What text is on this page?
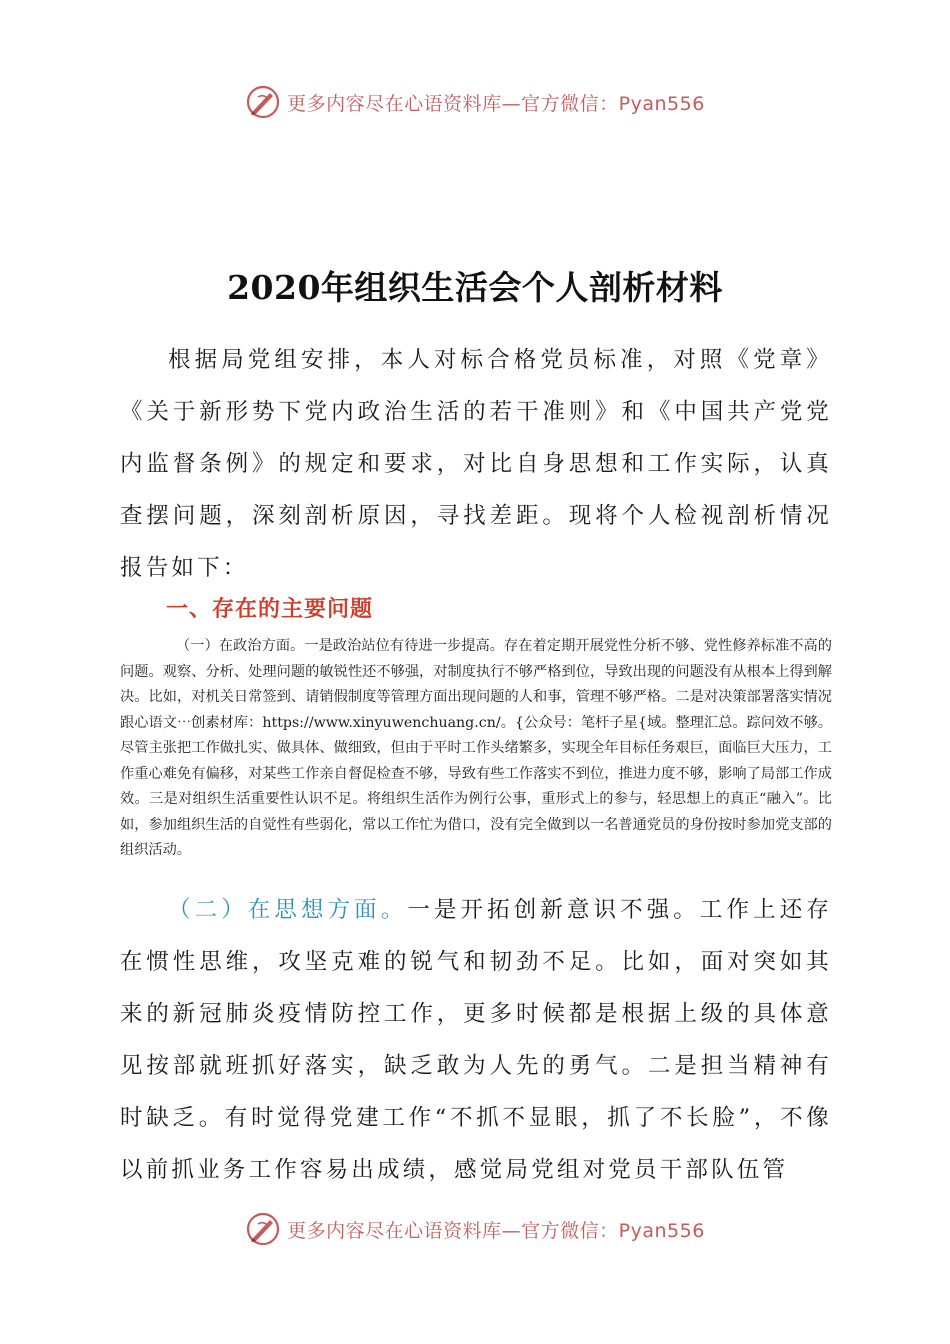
更多内容尽在心语资料库—官方微信：Pyan556
2020年组织生活会个人剖析材料

根据局党组安排，本人对标合格党员标准，对照《党章》《关于新形势下党内政治生活的若干准则》和《中国共产党党内监督条例》的规定和要求，对比自身思想和工作实际，认真查摆问题，深刻剖析原因，寻找差距。现将个人检视剖析情况报告如下：

一、存在的主要问题

（一）在政治方面。一是政治站位有待进一步提高。存在着定期开展党性分析不够、党性修养标准不高的问题。观察、分析、处理问题的敏锐性还不够强，对制度执行不够严格到位，导致出现的问题没有从根本上得到解决。比如，对机关日常签到、请销假制度等管理方面出现问题的人和事，管理不够严格。二是对决策部署落实情况跟心语文⋯创素材库：https://www.xinyuwenchuang.cn/。{公众号：笔杆子星{域。整理汇总。踪问效不够。尽管主张把工作做扎实、做具体、做细致，但由于平时工作头绪繁多，实现全年目标任务艰巨，面临巨大压力，工作重心难免有偏移，对某些工作亲自督促检查不够，导致有些工作落实不到位，推进力度不够，影响了局部工作成效。三是对组织生活重要性认识不足。将组织生活作为例行公事，重形式上的参与，轻思想上的真正“融入”。比如，参加组织生活的自觉性有些弱化，常以工作忙为借口，没有完全做到以一名普通党员的身份按时参加党支部的组织活动。

（二）在思想方面。一是开拓创新意识不强。工作上还存在惯性思维，攻坚克难的锐气和韧劲不足。比如，面对突如其来的新冠肺炎疫情防控工作，更多时候都是根据上级的具体意见按部就班抓好落实，缺乏敢为人先的勇气。二是担当精神有时缺乏。有时觉得党建工作“不抓不显眼，抓了不长脸”，不像以前抓业务工作容易出成绩，感觉局党组对党员干部队伍管

更多内容尽在心语资料库—官方微信：Pyan556
